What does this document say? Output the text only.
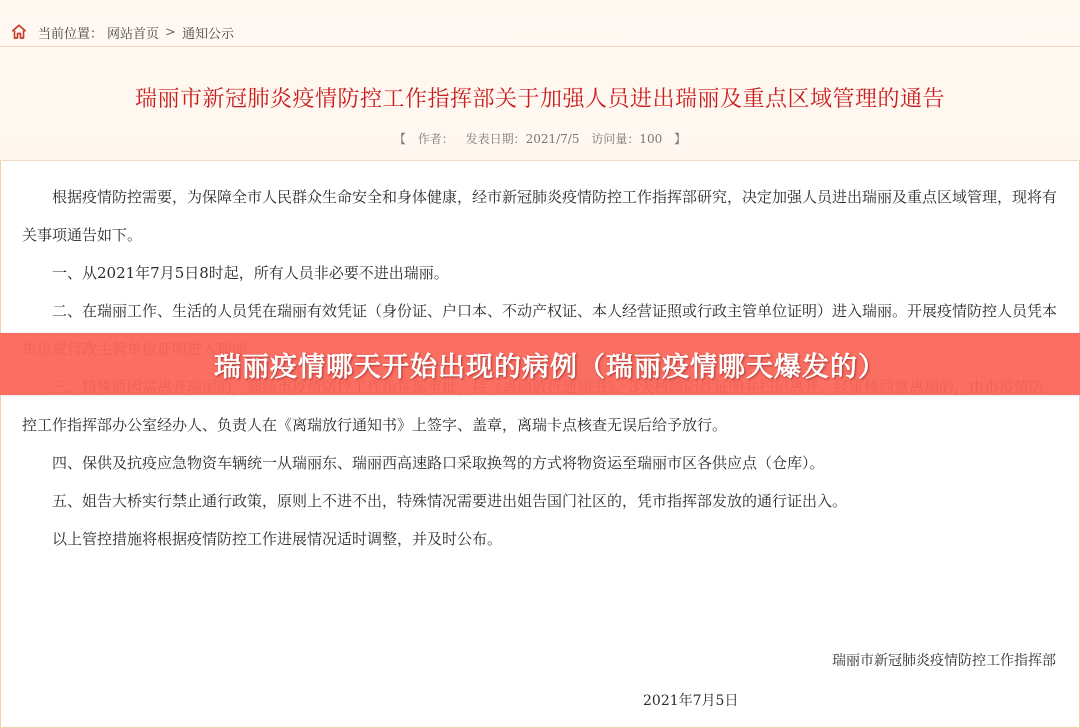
当前位置： 网站首页 > 通知公示
瑞丽市新冠肺炎疫情防控工作指挥部关于加强人员进出瑞丽及重点区域管理的通告
【 作者： 发表日期：2021/7/5 访问量：100 】

根据疫情防控需要，为保障全市人民群众生命安全和身体健康，经市新冠肺炎疫情防控工作指挥部研究，决定加强人员进出瑞丽及重点区域管理，现将有关事项通告如下。

一、从2021年7月5日8时起，所有人员非必要不进出瑞丽。

二、在瑞丽工作、生活的人员凭在瑞丽有效凭证（身份证、户口本、不动产权证、本人经营证照或行政主管单位证明）进入瑞丽。开展疫情防控人员凭本

控工作指挥部办公室经办人、负责人在《离瑞放行通知书》上签字、盖章，离瑞卡点核查无误后给予放行。

四、保供及抗疫应急物资车辆统一从瑞丽东、瑞丽西高速路口采取换驾的方式将物资运至瑞丽市区各供应点（仓库）。

五、姐告大桥实行禁止通行政策，原则上不进不出，特殊情况需要进出姐告国门社区的，凭市指挥部发放的通行证出入。

以上管控措施将根据疫情防控工作进展情况适时调整，并及时公布。

瑞丽市新冠肺炎疫情防控工作指挥部
2021年7月5日
瑞丽疫情哪天开始出现的病例（瑞丽疫情哪天爆发的）
